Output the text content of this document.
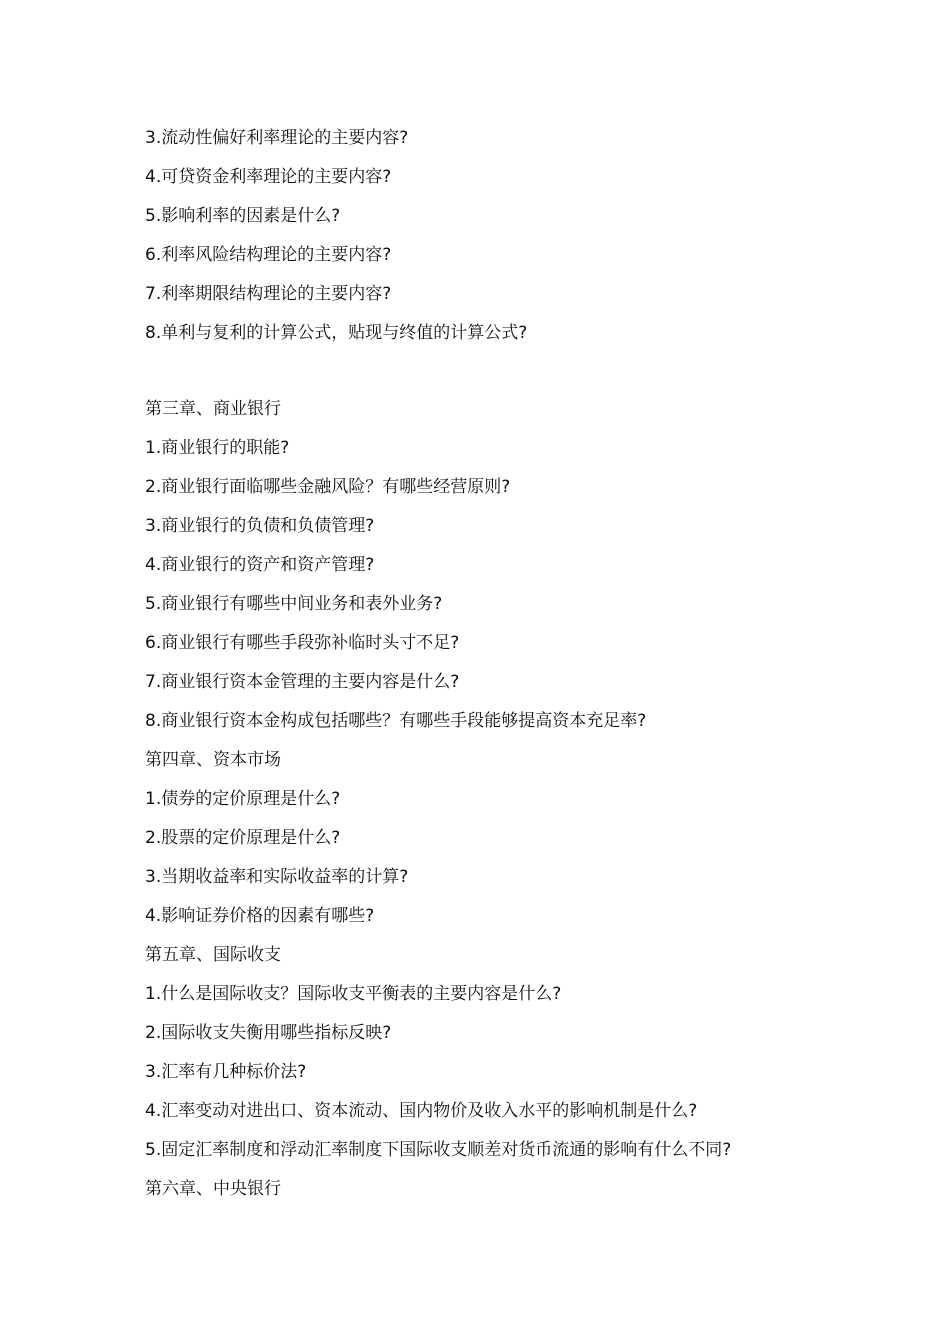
3.流动性偏好利率理论的主要内容?
4.可贷资金利率理论的主要内容?
5.影响利率的因素是什么?
6.利率风险结构理论的主要内容?
7.利率期限结构理论的主要内容?
8.单利与复利的计算公式，贴现与终值的计算公式?
第三章、商业银行
1.商业银行的职能?
2.商业银行面临哪些金融风险？有哪些经营原则?
3.商业银行的负债和负债管理?
4.商业银行的资产和资产管理?
5.商业银行有哪些中间业务和表外业务?
6.商业银行有哪些手段弥补临时头寸不足?
7.商业银行资本金管理的主要内容是什么?
8.商业银行资本金构成包括哪些？有哪些手段能够提高资本充足率?
第四章、资本市场
1.债券的定价原理是什么?
2.股票的定价原理是什么?
3.当期收益率和实际收益率的计算?
4.影响证券价格的因素有哪些?
第五章、国际收支
1.什么是国际收支？国际收支平衡表的主要内容是什么?
2.国际收支失衡用哪些指标反映?
3.汇率有几种标价法?
4.汇率变动对进出口、资本流动、国内物价及收入水平的影响机制是什么?
5.固定汇率制度和浮动汇率制度下国际收支顺差对货币流通的影响有什么不同?
第六章、中央银行
